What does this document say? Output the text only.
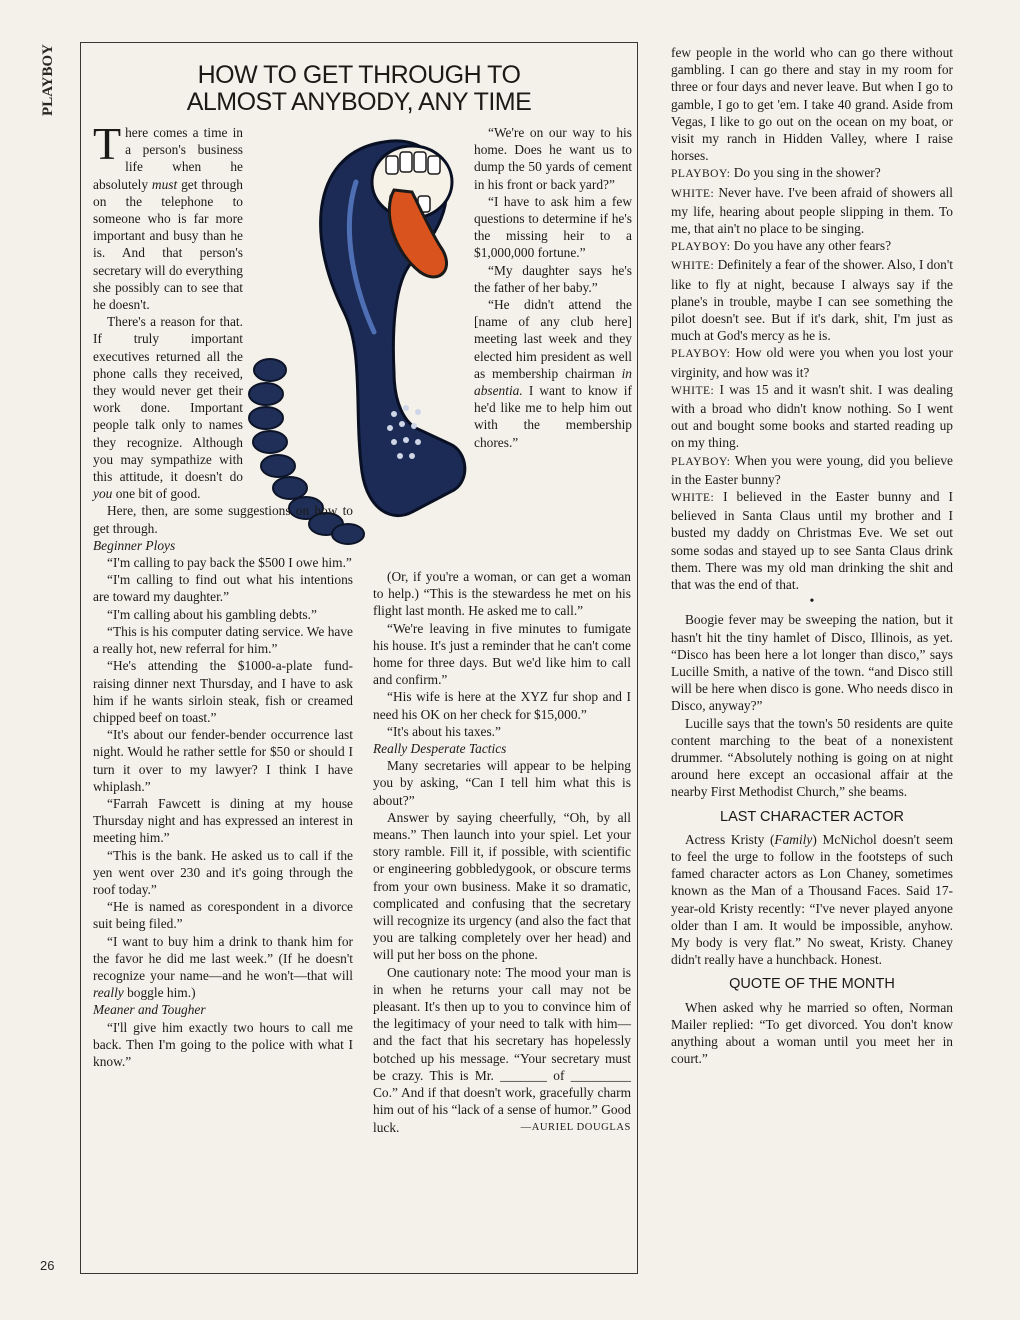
PLAYBOY
26
HOW TO GET THROUGH TO
ALMOST ANYBODY, ANY TIME

There comes a time in a person's business life when he absolutely must get through on the telephone to someone who is far more important and busy than he is. And that person's secretary will do everything she possibly can to see that he doesn't.

There's a reason for that. If truly important executives returned all the phone calls they received, they would never get their work done. Important people talk only to names they recognize. Although you may sympathize with this attitude, it doesn't do you one bit of good.

Here, then, are some suggestions on how to get through.

Beginner Ploys

“I'm calling to pay back the $500 I owe him.”

“I'm calling to find out what his intentions are toward my daughter.”

“I'm calling about his gambling debts.”

“This is his computer dating service. We have a really hot, new referral for him.”

“He's attending the $1000-a-plate fund-raising dinner next Thursday, and I have to ask him if he wants sirloin steak, fish or creamed chipped beef on toast.”

“It's about our fender-bender occurrence last night. Would he rather settle for $50 or should I turn it over to my lawyer? I think I have whiplash.”

“Farrah Fawcett is dining at my house Thursday night and has expressed an interest in meeting him.”

“This is the bank. He asked us to call if the yen went over 230 and it's going through the roof today.”

“He is named as corespondent in a divorce suit being filed.”

“I want to buy him a drink to thank him for the favor he did me last week.” (If he doesn't recognize your name—and he won't—that will really boggle him.)

Meaner and Tougher

“I'll give him exactly two hours to call me back. Then I'm going to the police with what I know.”

“We're on our way to his home. Does he want us to dump the 50 yards of cement in his front or back yard?”

“I have to ask him a few questions to determine if he's the missing heir to a $1,000,000 fortune.”

“My daughter says he's the father of her baby.”

“He didn't attend the [name of any club here] meeting last week and they elected him president as well as membership chairman in absentia. I want to know if he'd like me to help him out with the membership chores.”

(Or, if you're a woman, or can get a woman to help.) “This is the stewardess he met on his flight last month. He asked me to call.”

“We're leaving in five minutes to fumigate his house. It's just a reminder that he can't come home for three days. But we'd like him to call and confirm.”

“His wife is here at the XYZ fur shop and I need his OK on her check for $15,000.”

“It's about his taxes.”

Really Desperate Tactics

Many secretaries will appear to be helping you by asking, “Can I tell him what this is about?”

Answer by saying cheerfully, “Oh, by all means.” Then launch into your spiel. Let your story ramble. Fill it, if possible, with scientific or engineering gobbledygook, or obscure terms from your own business. Make it so dramatic, complicated and confusing that the secretary will recognize its urgency (and also the fact that you are talking completely over her head) and will put her boss on the phone.

One cautionary note: The mood your man is in when he returns your call may not be pleasant. It's then up to you to convince him of the legitimacy of your need to talk with him—and the fact that his secretary has hopelessly botched up his message. “Your secretary must be crazy. This is Mr. _______ of _________ Co.” And if that doesn't work, gracefully charm him out of his “lack of a sense of humor.” Good luck.	—AURIEL DOUGLAS

few people in the world who can go there without gambling. I can go there and stay in my room for three or four days and never leave. But when I go to gamble, I go to get 'em. I take 40 grand. Aside from Vegas, I like to go out on the ocean on my boat, or visit my ranch in Hidden Valley, where I raise horses.

PLAYBOY: Do you sing in the shower?

WHITE: Never have. I've been afraid of showers all my life, hearing about people slipping in them. To me, that ain't no place to be singing.

PLAYBOY: Do you have any other fears?

WHITE: Definitely a fear of the shower. Also, I don't like to fly at night, because I always say if the plane's in trouble, maybe I can see something the pilot doesn't see. But if it's dark, shit, I'm just as much at God's mercy as he is.

PLAYBOY: How old were you when you lost your virginity, and how was it?

WHITE: I was 15 and it wasn't shit. I was dealing with a broad who didn't know nothing. So I went out and bought some books and started reading up on my thing.

PLAYBOY: When you were young, did you believe in the Easter bunny?

WHITE: I believed in the Easter bunny and I believed in Santa Claus until my brother and I busted my daddy on Christmas Eve. We set out some sodas and stayed up to see Santa Claus drink them. There was my old man drinking the shit and that was the end of that.

•

Boogie fever may be sweeping the nation, but it hasn't hit the tiny hamlet of Disco, Illinois, as yet. “Disco has been here a lot longer than disco,” says Lucille Smith, a native of the town. “and Disco still will be here when disco is gone. Who needs disco in Disco, anyway?”

Lucille says that the town's 50 residents are quite content marching to the beat of a nonexistent drummer. “Absolutely nothing is going on at night around here except an occasional affair at the nearby First Methodist Church,” she beams.

LAST CHARACTER ACTOR

Actress Kristy (Family) McNichol doesn't seem to feel the urge to follow in the footsteps of such famed character actors as Lon Chaney, sometimes known as the Man of a Thousand Faces. Said 17-year-old Kristy recently: “I've never played anyone older than I am. It would be impossible, anyhow. My body is very flat.” No sweat, Kristy. Chaney didn't really have a hunchback. Honest.

QUOTE OF THE MONTH

When asked why he married so often, Norman Mailer replied: “To get divorced. You don't know anything about a woman until you meet her in court.”
